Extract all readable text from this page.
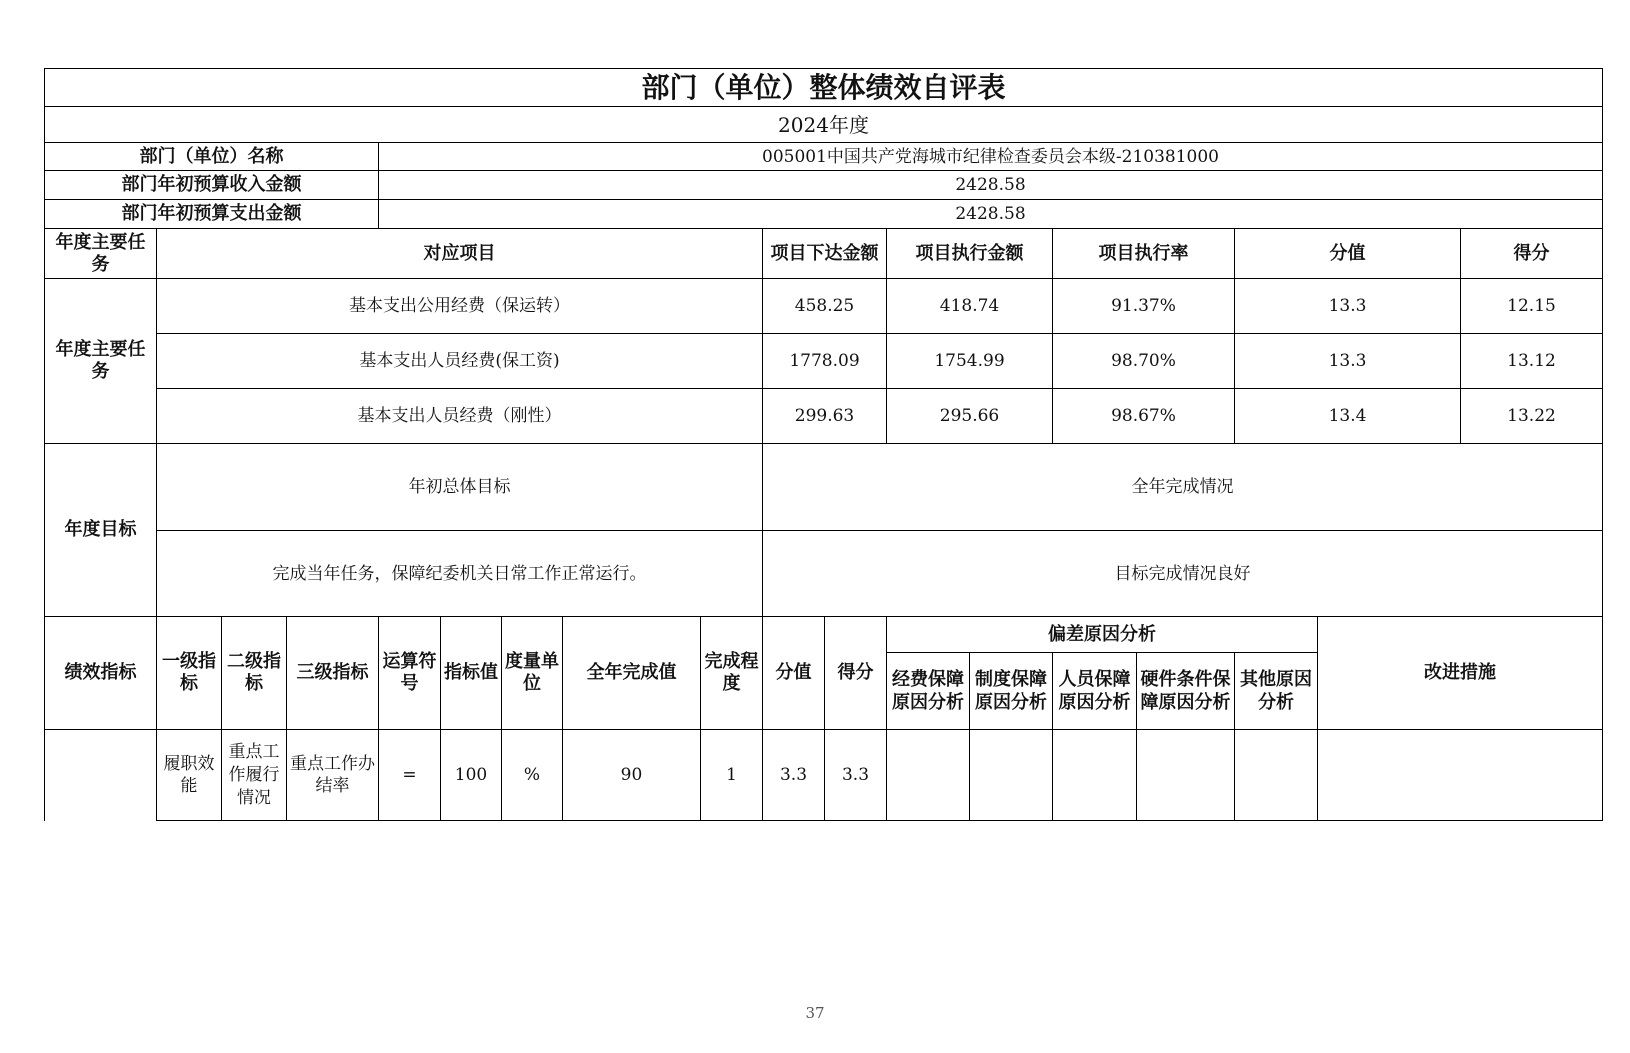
部门（单位）整体绩效自评表																	
2024年度																	
部门（单位）名称				005001中国共产党海城市纪律检查委员会本级-210381000													
部门年初预算收入金额				2428.58													
部门年初预算支出金额				2428.58													
年度主要任务	对应项目								项目下达金额		项目执行金额		项目执行率		分值		得分
年度主要任务	基本支出公用经费（保运转）								458.25		418.74		91.37%		13.3		12.15
	基本支出人员经费(保工资)								1778.09		1754.99		98.70%		13.3		13.12
	基本支出人员经费（刚性）								299.63		295.66		98.67%		13.4		13.22
年度目标	年初总体目标								全年完成情况								
	完成当年任务，保障纪委机关日常工作正常运行。								目标完成情况良好								
绩效指标	一级指标	二级指标	三级指标	运算符号	指标值	度量单位	全年完成值	完成程度	分值	得分	偏差原因分析					改进措施	
											经费保障原因分析	制度保障原因分析	人员保障原因分析	硬件条件保障原因分析	其他原因分析		
	履职效能	重点工作履行情况	重点工作办结率	=	100	%	90	1	3.3	3.3							
37
